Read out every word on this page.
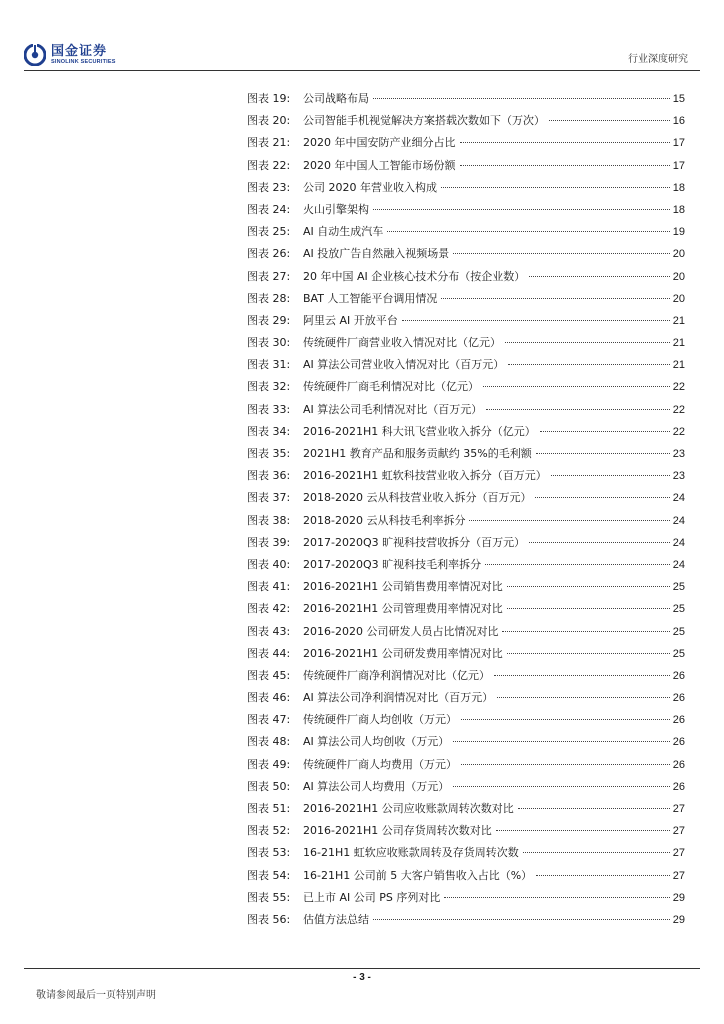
国金证券
SINOLINK SECURITIES	行业深度研究
图表 19:	公司战略布局	15
图表 20:	公司智能手机视觉解决方案搭载次数如下（万次）	16
图表 21:	2020 年中国安防产业细分占比	17
图表 22:	2020 年中国人工智能市场份额	17
图表 23:	公司 2020 年营业收入构成	18
图表 24:	火山引擎架构	18
图表 25:	AI 自动生成汽车	19
图表 26:	AI 投放广告自然融入视频场景	20
图表 27:	20 年中国 AI 企业核心技术分布（按企业数）	20
图表 28:	BAT 人工智能平台调用情况	20
图表 29:	阿里云 AI 开放平台	21
图表 30:	传统硬件厂商营业收入情况对比（亿元）	21
图表 31:	AI 算法公司营业收入情况对比（百万元）	21
图表 32:	传统硬件厂商毛利情况对比（亿元）	22
图表 33:	AI 算法公司毛利情况对比（百万元）	22
图表 34:	2016-2021H1 科大讯飞营业收入拆分（亿元）	22
图表 35:	2021H1 教育产品和服务贡献约 35%的毛利额	23
图表 36:	2016-2021H1 虹软科技营业收入拆分（百万元）	23
图表 37:	2018-2020 云从科技营业收入拆分（百万元）	24
图表 38:	2018-2020 云从科技毛利率拆分	24
图表 39:	2017-2020Q3 旷视科技营收拆分（百万元）	24
图表 40:	2017-2020Q3 旷视科技毛利率拆分	24
图表 41:	2016-2021H1 公司销售费用率情况对比	25
图表 42:	2016-2021H1 公司管理费用率情况对比	25
图表 43:	2016-2020 公司研发人员占比情况对比	25
图表 44:	2016-2021H1 公司研发费用率情况对比	25
图表 45:	传统硬件厂商净利润情况对比（亿元）	26
图表 46:	AI 算法公司净利润情况对比（百万元）	26
图表 47:	传统硬件厂商人均创收（万元）	26
图表 48:	AI 算法公司人均创收（万元）	26
图表 49:	传统硬件厂商人均费用（万元）	26
图表 50:	AI 算法公司人均费用（万元）	26
图表 51:	2016-2021H1 公司应收账款周转次数对比	27
图表 52:	2016-2021H1 公司存货周转次数对比	27
图表 53:	16-21H1 虹软应收账款周转及存货周转次数	27
图表 54:	16-21H1 公司前 5 大客户销售收入占比（%）	27
图表 55:	已上市 AI 公司 PS 序列对比	29
图表 56:	估值方法总结	29
- 3 -
敬请参阅最后一页特别声明
